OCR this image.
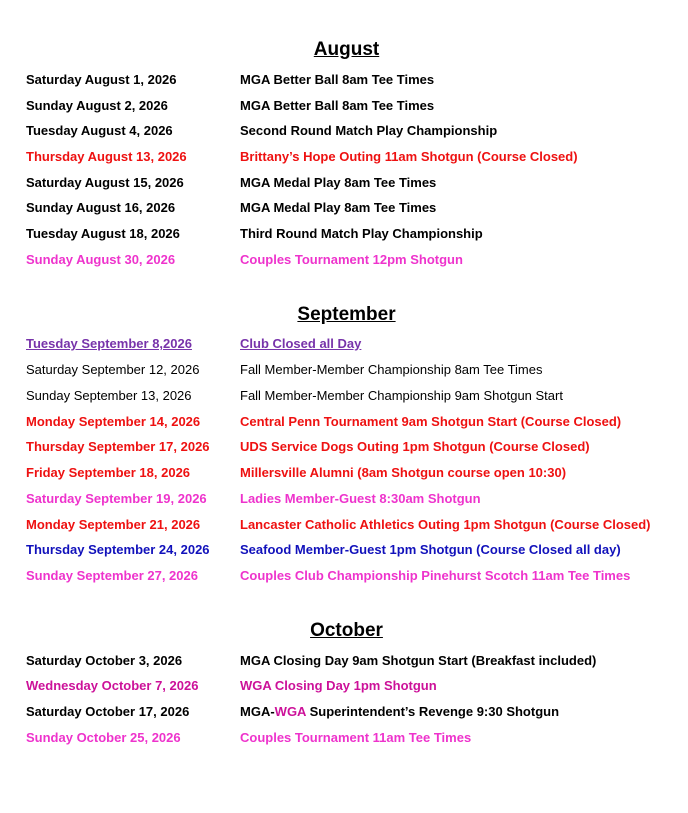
August
Saturday August 1, 2026	MGA Better Ball 8am Tee Times
Sunday August 2, 2026	MGA Better Ball 8am Tee Times
Tuesday August 4, 2026	Second Round Match Play Championship
Thursday August 13, 2026	Brittany’s Hope Outing 11am Shotgun (Course Closed)
Saturday August 15, 2026	MGA Medal Play 8am Tee Times
Sunday August 16, 2026	MGA Medal Play 8am Tee Times
Tuesday August 18, 2026	Third Round Match Play Championship
Sunday August 30, 2026	Couples Tournament 12pm Shotgun
September
Tuesday September 8,2026	Club Closed all Day
Saturday September 12, 2026	Fall Member-Member Championship 8am Tee Times
Sunday September 13, 2026	Fall Member-Member Championship 9am Shotgun Start
Monday September 14, 2026	Central Penn Tournament 9am Shotgun Start (Course Closed)
Thursday September 17, 2026 UDS Service Dogs Outing 1pm Shotgun (Course Closed)
Friday September 18, 2026	Millersville Alumni (8am Shotgun course open 10:30)
Saturday September 19, 2026	Ladies Member-Guest 8:30am Shotgun
Monday September 21, 2026	Lancaster Catholic Athletics Outing 1pm Shotgun (Course Closed)
Thursday September 24, 2026 Seafood Member-Guest 1pm Shotgun (Course Closed all day)
Sunday September 27, 2026	Couples Club Championship Pinehurst Scotch 11am Tee Times
October
Saturday October 3, 2026	MGA Closing Day 9am Shotgun Start (Breakfast included)
Wednesday October 7, 2026	WGA Closing Day 1pm Shotgun
Saturday October 17, 2026	MGA-WGA Superintendent’s Revenge 9:30 Shotgun
Sunday October 25, 2026	Couples Tournament 11am Tee Times
